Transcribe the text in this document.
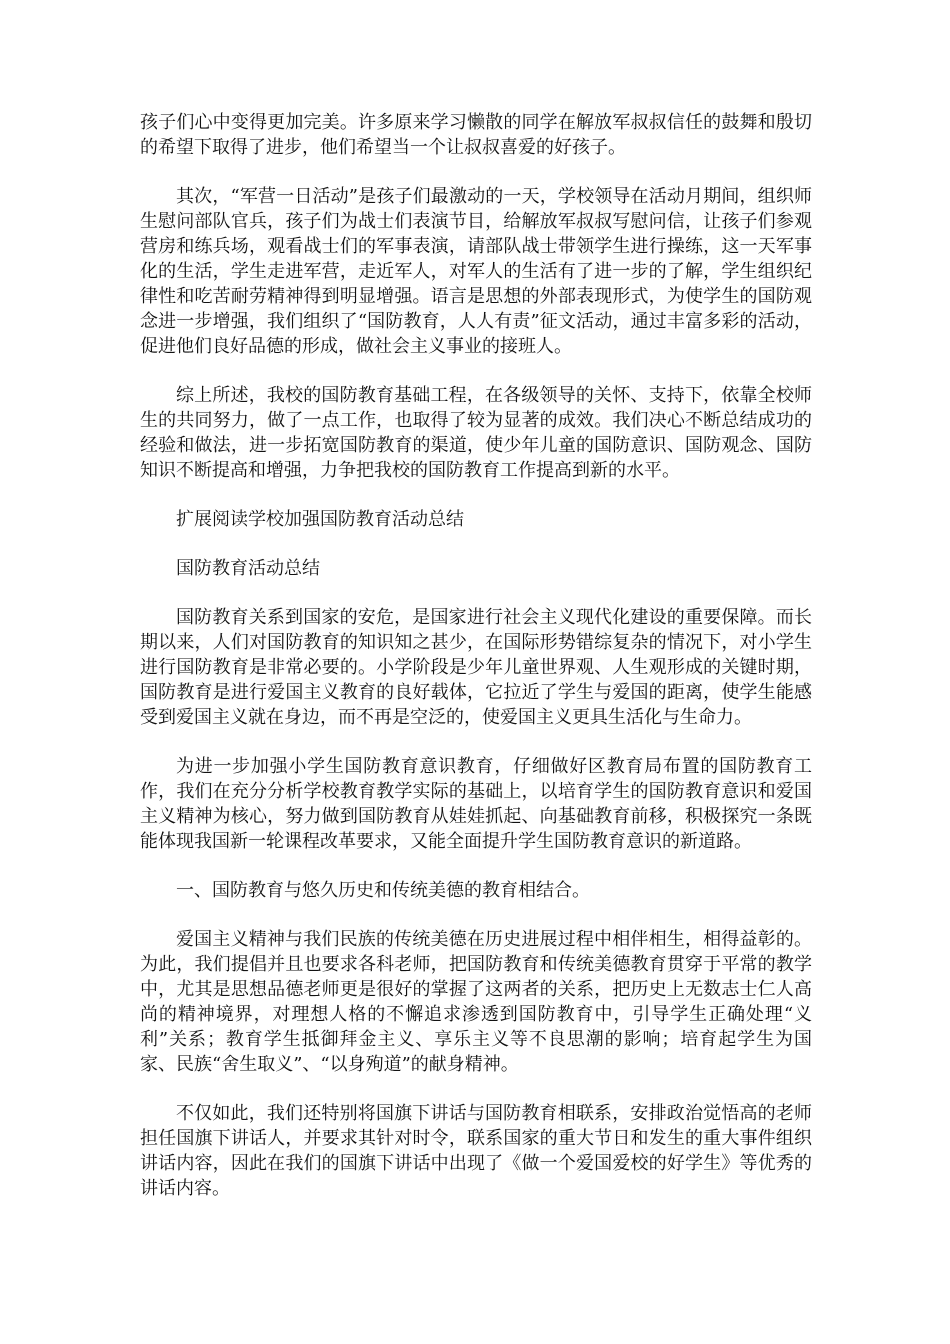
孩子们心中变得更加完美。许多原来学习懒散的同学在解放军叔叔信任的鼓舞和殷切的希望下取得了进步，他们希望当一个让叔叔喜爱的好孩子。

其次，“军营一日活动”是孩子们最激动的一天，学校领导在活动月期间，组织师生慰问部队官兵，孩子们为战士们表演节目，给解放军叔叔写慰问信，让孩子们参观营房和练兵场，观看战士们的军事表演，请部队战士带领学生进行操练，这一天军事化的生活，学生走进军营，走近军人，对军人的生活有了进一步的了解，学生组织纪律性和吃苦耐劳精神得到明显增强。语言是思想的外部表现形式，为使学生的国防观念进一步增强，我们组织了“国防教育，人人有责”征文活动，通过丰富多彩的活动，促进他们良好品德的形成，做社会主义事业的接班人。

综上所述，我校的国防教育基础工程，在各级领导的关怀、支持下，依靠全校师生的共同努力，做了一点工作，也取得了较为显著的成效。我们决心不断总结成功的经验和做法，进一步拓宽国防教育的渠道，使少年儿童的国防意识、国防观念、国防知识不断提高和增强，力争把我校的国防教育工作提高到新的水平。

扩展阅读学校加强国防教育活动总结

国防教育活动总结

国防教育关系到国家的安危，是国家进行社会主义现代化建设的重要保障。而长期以来，人们对国防教育的知识知之甚少，在国际形势错综复杂的情况下，对小学生进行国防教育是非常必要的。小学阶段是少年儿童世界观、人生观形成的关键时期，国防教育是进行爱国主义教育的良好载体，它拉近了学生与爱国的距离，使学生能感受到爱国主义就在身边，而不再是空泛的，使爱国主义更具生活化与生命力。

为进一步加强小学生国防教育意识教育，仔细做好区教育局布置的国防教育工作，我们在充分分析学校教育教学实际的基础上，以培育学生的国防教育意识和爱国主义精神为核心，努力做到国防教育从娃娃抓起、向基础教育前移，积极探究一条既能体现我国新一轮课程改革要求，又能全面提升学生国防教育意识的新道路。

一、国防教育与悠久历史和传统美德的教育相结合。

爱国主义精神与我们民族的传统美德在历史进展过程中相伴相生，相得益彰的。为此，我们提倡并且也要求各科老师，把国防教育和传统美德教育贯穿于平常的教学中，尤其是思想品德老师更是很好的掌握了这两者的关系，把历史上无数志士仁人高尚的精神境界，对理想人格的不懈追求渗透到国防教育中，引导学生正确处理“义利”关系；教育学生抵御拜金主义、享乐主义等不良思潮的影响；培育起学生为国家、民族“舍生取义”、“以身殉道”的献身精神。

不仅如此，我们还特别将国旗下讲话与国防教育相联系，安排政治觉悟高的老师担任国旗下讲话人，并要求其针对时令，联系国家的重大节日和发生的重大事件组织讲话内容，因此在我们的国旗下讲话中出现了《做一个爱国爱校的好学生》等优秀的讲话内容。
